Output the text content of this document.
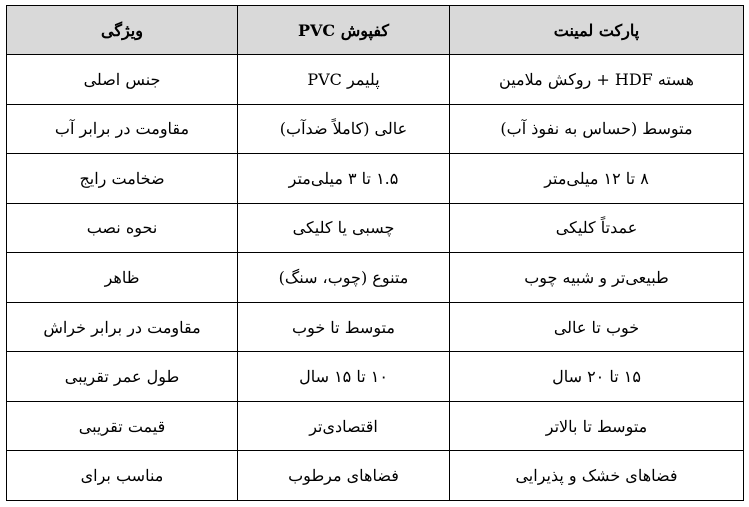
پارکت لمینت	کفپوش PVC	ویژگی
هسته HDF + روکش ملامین	پلیمر PVC	جنس اصلی
متوسط (حساس به نفوذ آب)	عالی (کاملاً ضدآب)	مقاومت در برابر آب
۸ تا ۱۲ میلی‌متر	۱.۵ تا ۳ میلی‌متر	ضخامت رایج
عمدتاً کلیکی	چسبی یا کلیکی	نحوه نصب
طبیعی‌تر و شبیه چوب	متنوع (چوب، سنگ)	ظاهر
خوب تا عالی	متوسط تا خوب	مقاومت در برابر خراش
۱۵ تا ۲۰ سال	۱۰ تا ۱۵ سال	طول عمر تقریبی
متوسط تا بالاتر	اقتصادی‌تر	قیمت تقریبی
فضاهای خشک و پذیرایی	فضاهای مرطوب	مناسب برای
